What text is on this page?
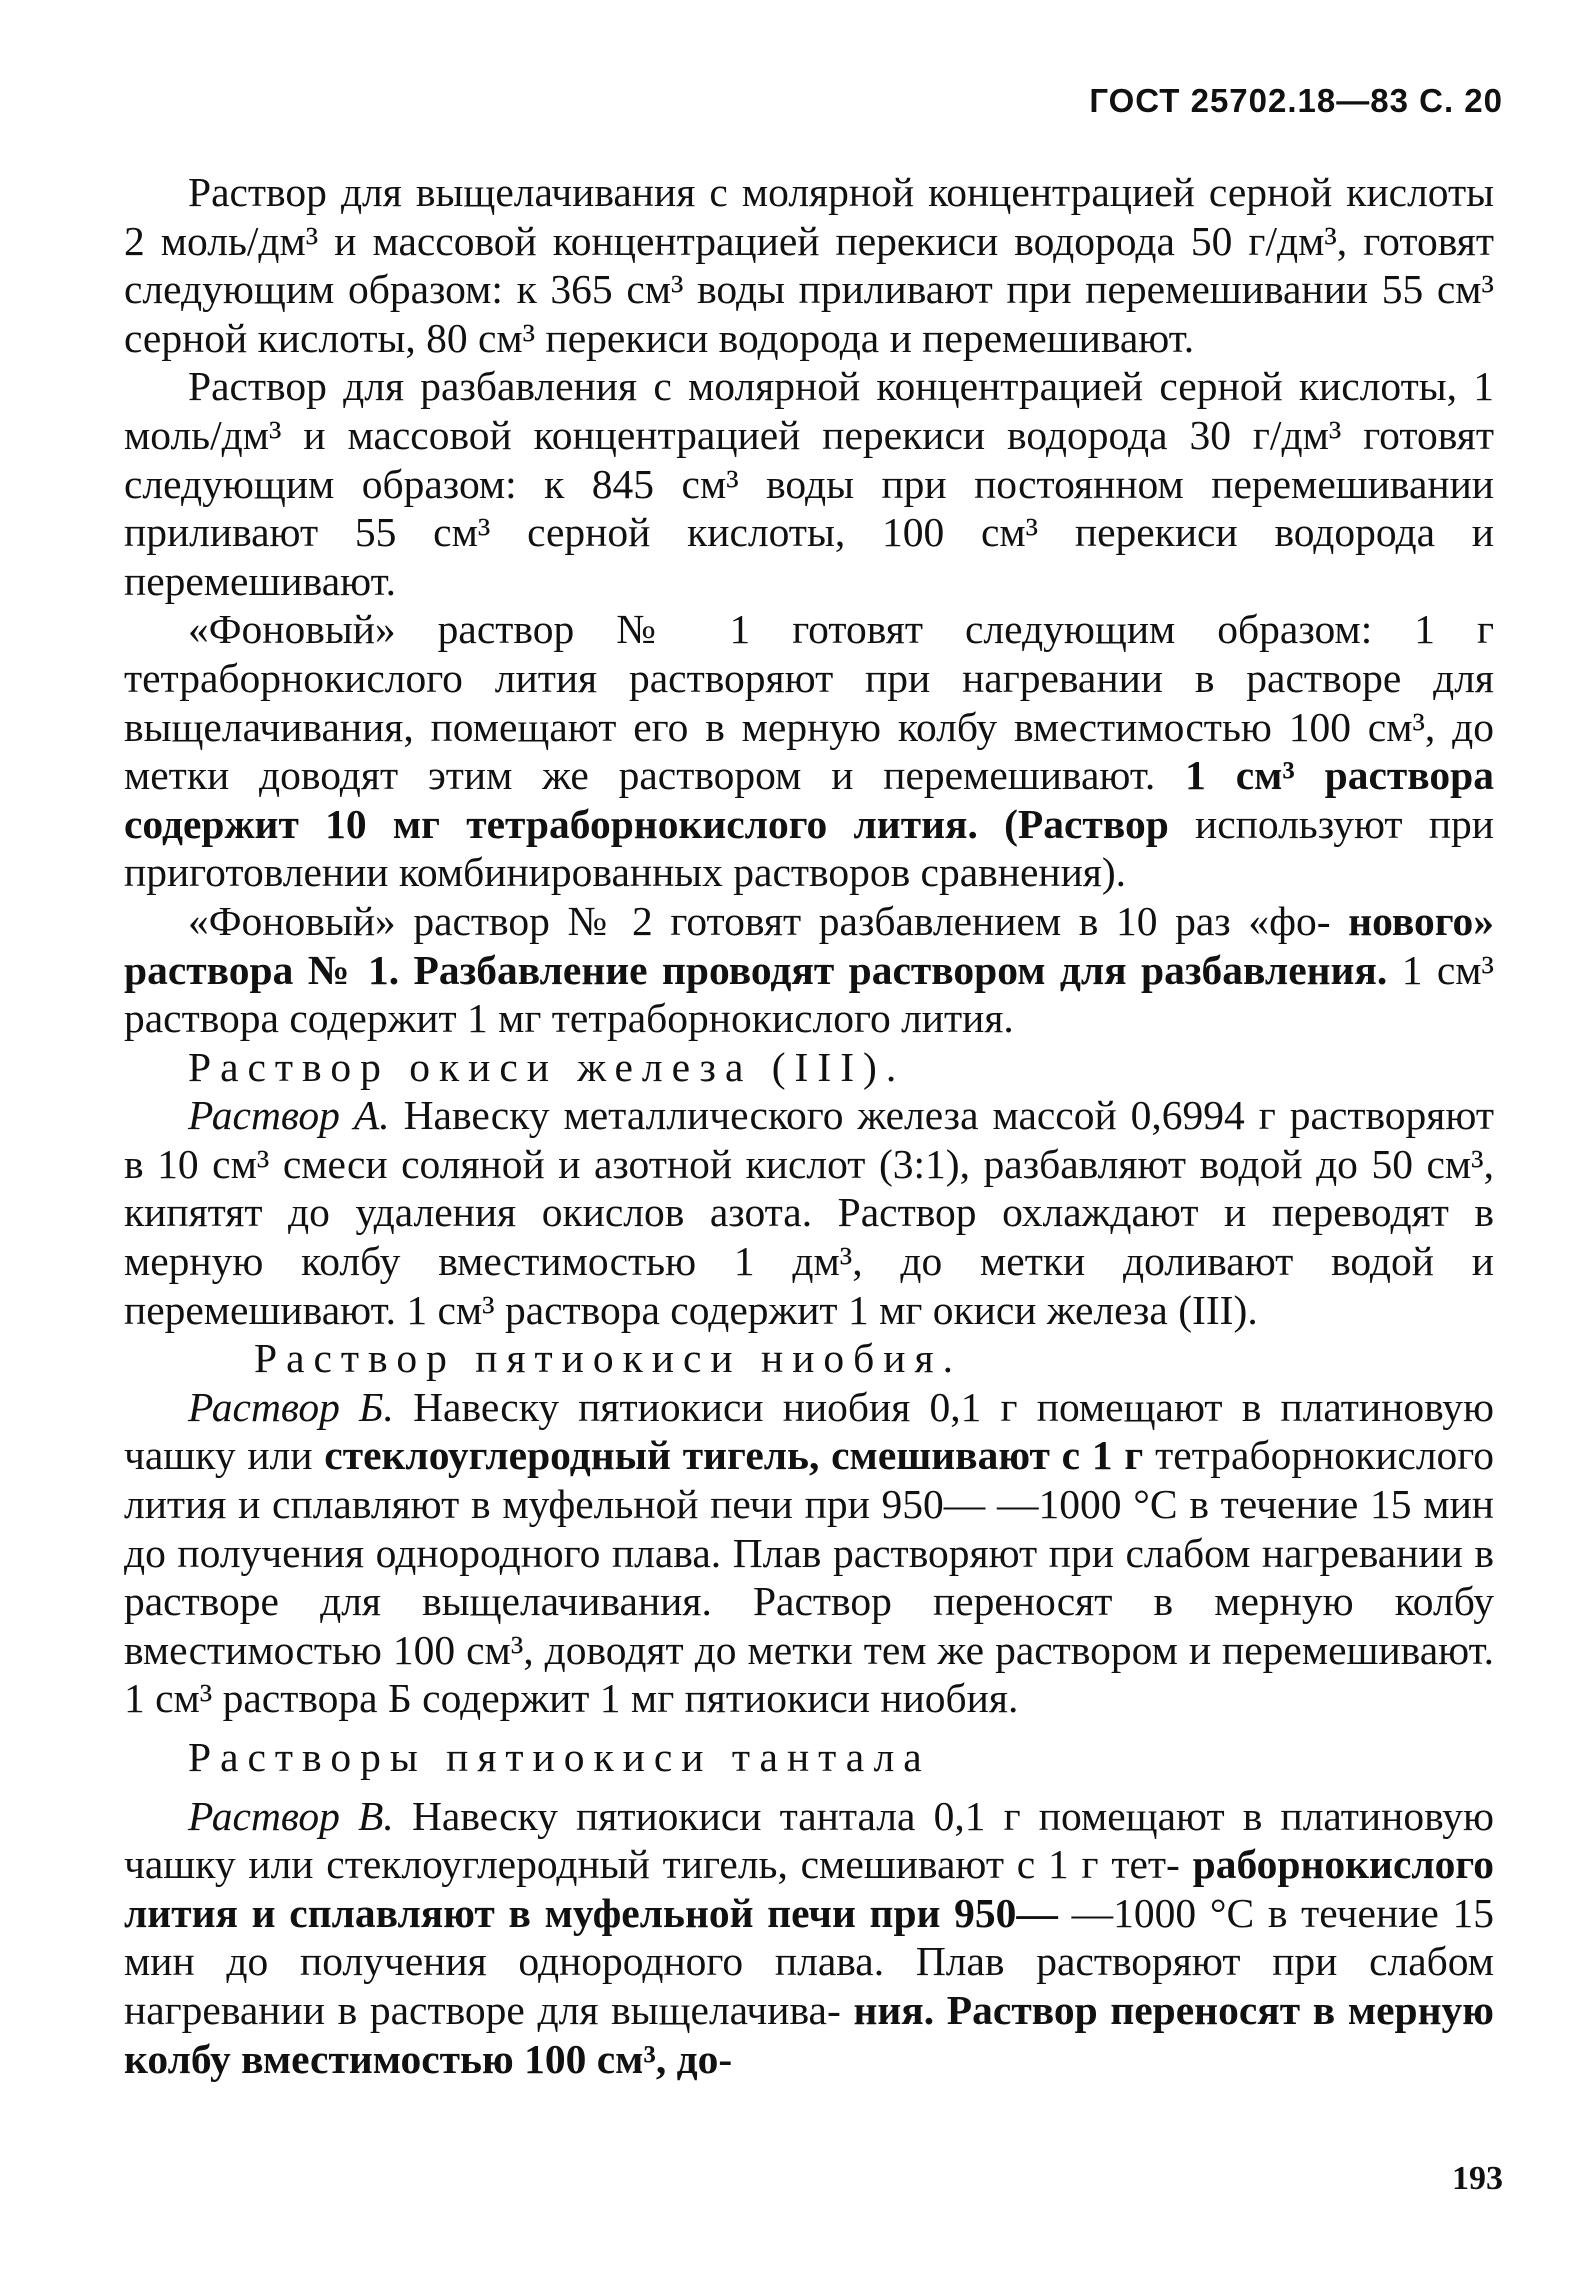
ГОСТ 25702.18—83 С. 20

Раствор для выщелачивания с молярной концентрацией серной кислоты 2 моль/дм³ и массовой концентрацией перекиси водорода 50 г/дм³, готовят следующим образом: к 365 см³ воды приливают при перемешивании 55 см³ серной кислоты, 80 см³ перекиси водорода и перемешивают.

Раствор для разбавления с молярной концентрацией серной кислоты, 1 моль/дм³ и массовой концентрацией перекиси водорода 30 г/дм³ готовят следующим образом: к 845 см³ воды при постоянном перемешивании приливают 55 см³ серной кислоты, 100 см³ перекиси водорода и перемешивают.

«Фоновый» раствор № 1 готовят следующим образом: 1 г тетраборнокислого лития растворяют при нагревании в растворе для выщелачивания, помещают его в мерную колбу вместимостью 100 см³, до метки доводят этим же раствором и перемешивают. 1 см³ раствора содержит 10 мг тетраборнокислого лития. (Раствор используют при приготовлении комбинированных растворов сравнения).

«Фоновый» раствор № 2 готовят разбавлением в 10 раз «фо- нового» раствора № 1. Разбавление проводят раствором для разбавления. 1 см³ раствора содержит 1 мг тетраборнокислого лития.

Раствор окиси железа (III).

Раствор А. Навеску металлического железа массой 0,6994 г растворяют в 10 см³ смеси соляной и азотной кислот (3:1), разбавляют водой до 50 см³, кипятят до удаления окислов азота. Раствор охлаждают и переводят в мерную колбу вместимостью 1 дм³, до метки доливают водой и перемешивают. 1 см³ раствора содержит 1 мг окиси железа (III).

Раствор пятиокиси ниобия.

Раствор Б. Навеску пятиокиси ниобия 0,1 г помещают в платиновую чашку или стеклоуглеродный тигель, смешивают с 1 г тетраборнокислого лития и сплавляют в муфельной печи при 950— —1000 °С в течение 15 мин до получения однородного плава. Плав растворяют при слабом нагревании в растворе для выщелачивания. Раствор переносят в мерную колбу вместимостью 100 см³, доводят до метки тем же раствором и перемешивают. 1 см³ раствора Б содержит 1 мг пятиокиси ниобия.

Растворы пятиокиси тантала

Раствор В. Навеску пятиокиси тантала 0,1 г помещают в платиновую чашку или стеклоуглеродный тигель, смешивают с 1 г тет- раборнокислого лития и сплавляют в муфельной печи при 950— —1000 °С в течение 15 мин до получения однородного плава. Плав растворяют при слабом нагревании в растворе для выщелачива- ния. Раствор переносят в мерную колбу вместимостью 100 см³, до-

193
